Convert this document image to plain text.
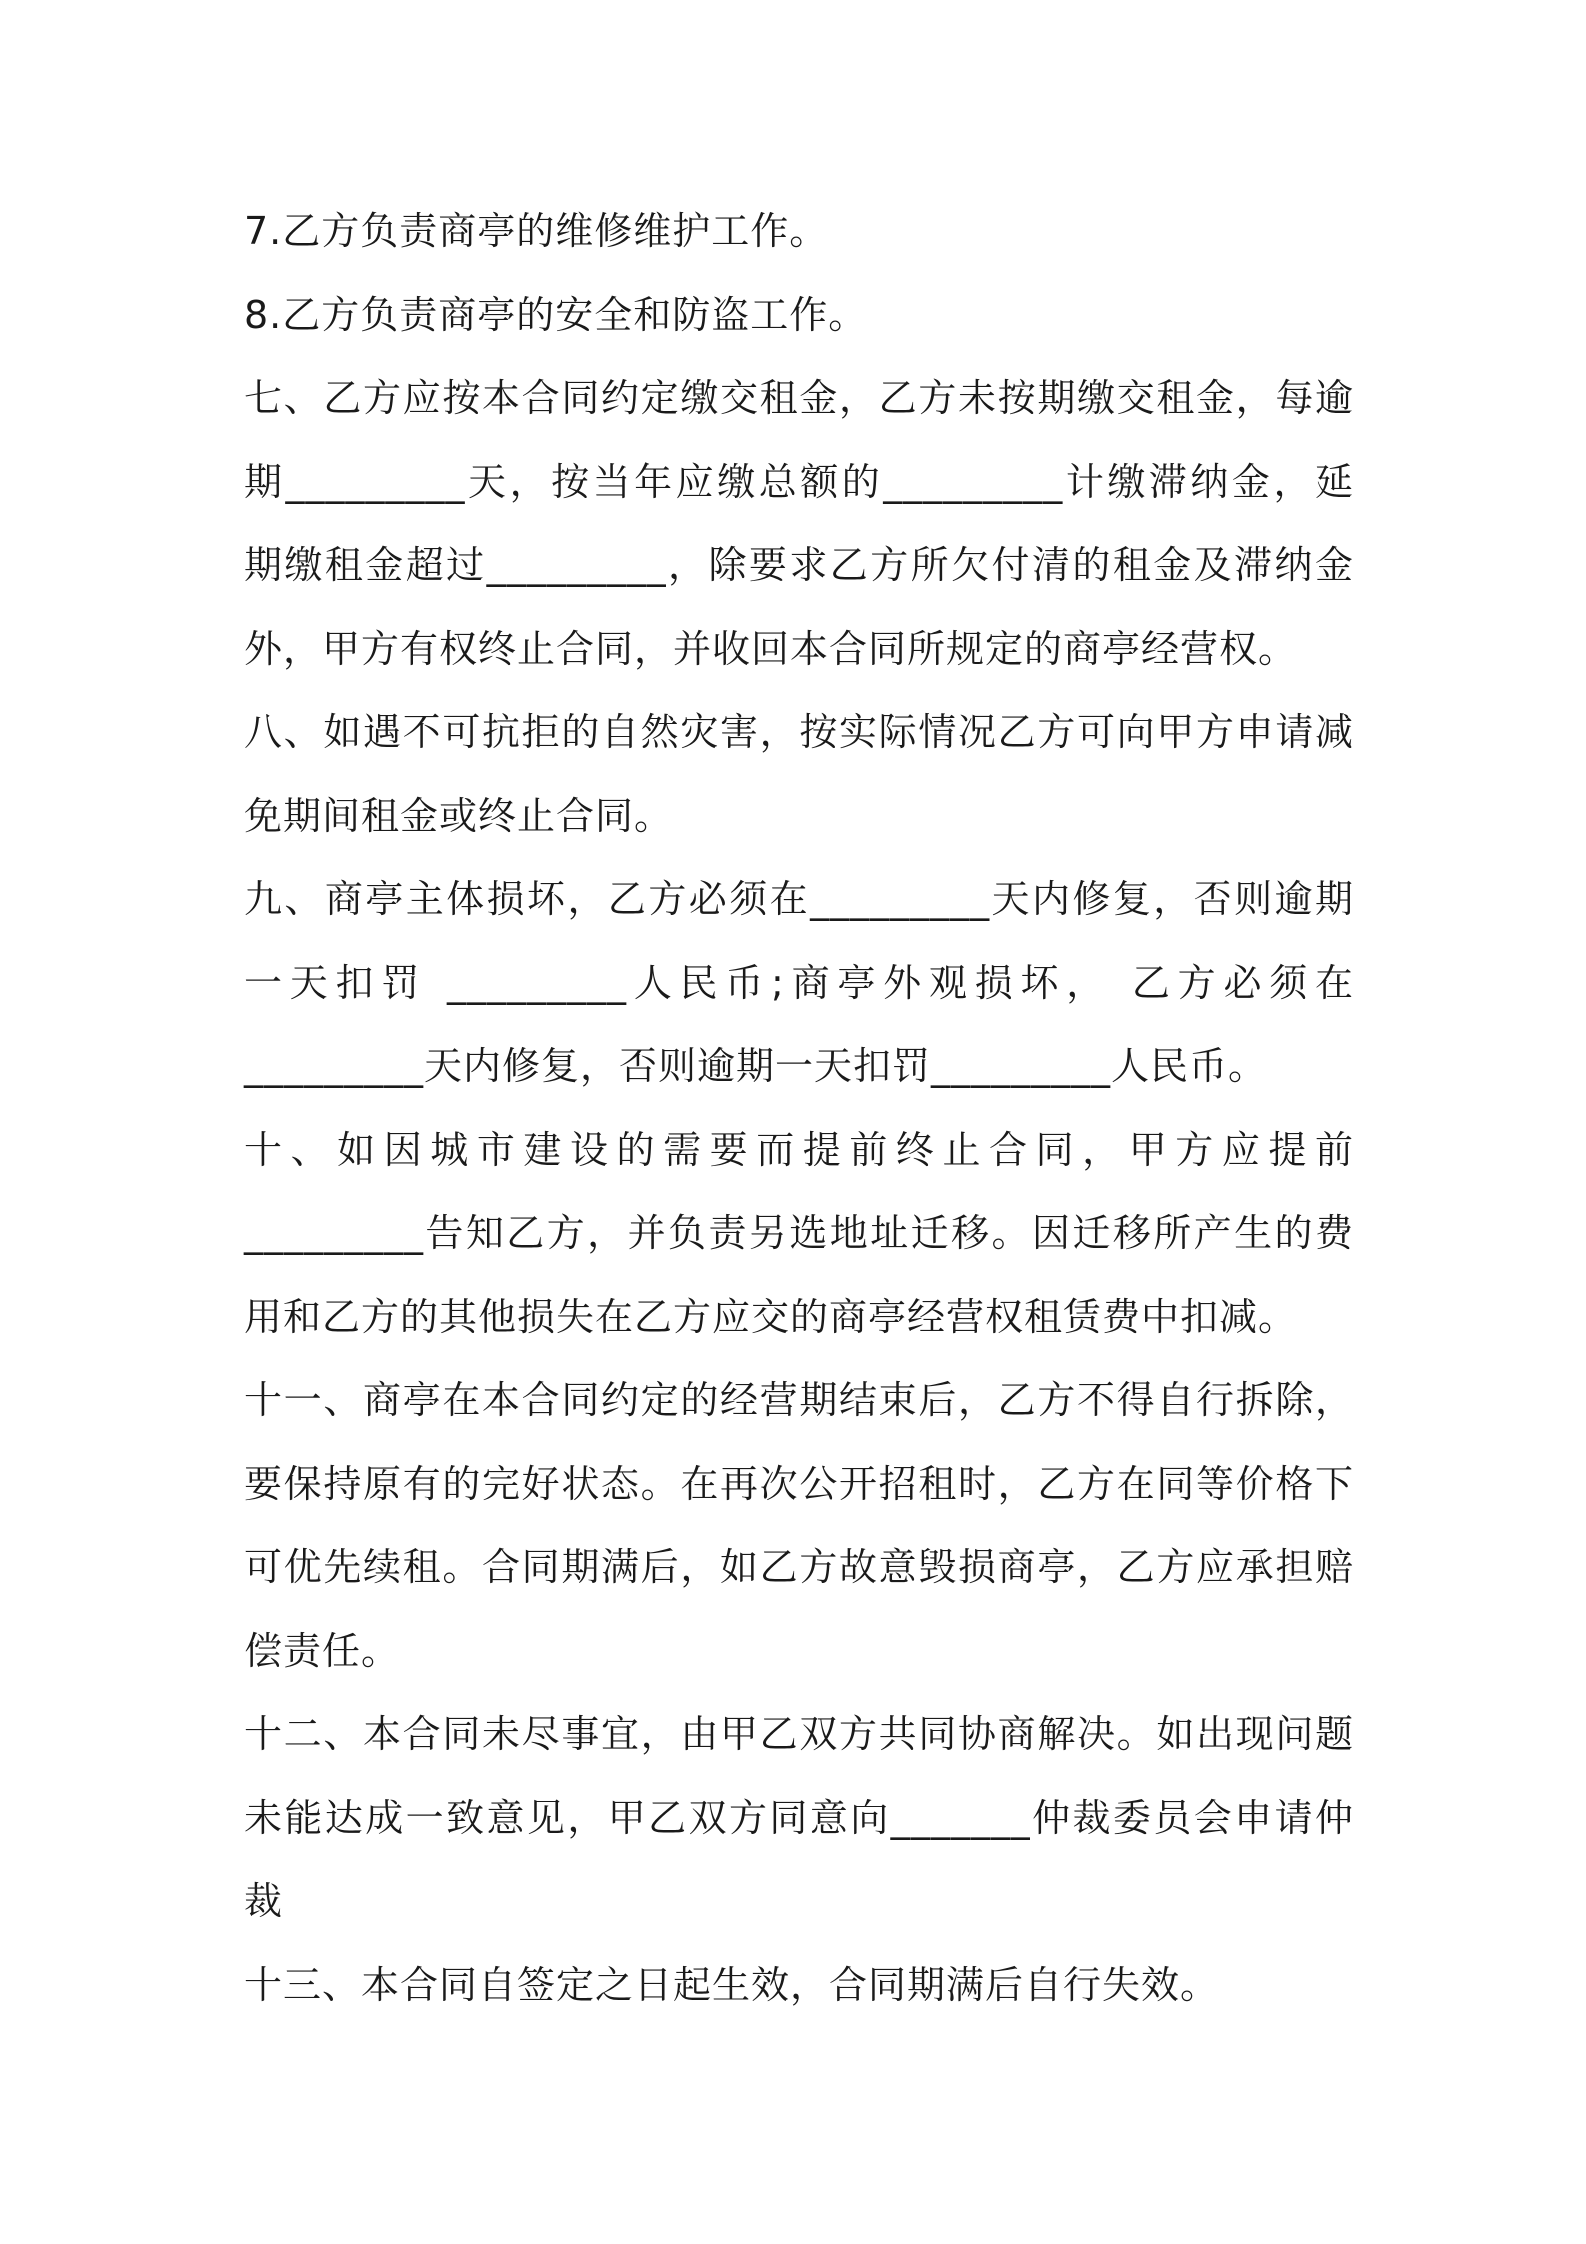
7.乙方负责商亭的维修维护工作。

8.乙方负责商亭的安全和防盗工作。

七、乙方应按本合同约定缴交租金，乙方未按期缴交租金，每逾
期_________天，按当年应缴总额的_________计缴滞纳金，延
期缴租金超过_________，除要求乙方所欠付清的租金及滞纳金
外，甲方有权终止合同，并收回本合同所规定的商亭经营权。

八、如遇不可抗拒的自然灾害，按实际情况乙方可向甲方申请减
免期间租金或终止合同。

九、商亭主体损坏，乙方必须在_________天内修复，否则逾期
一天扣罚 _________人民币;商亭外观损坏， 乙方必须在
_________天内修复，否则逾期一天扣罚_________人民币。

十、如因城市建设的需要而提前终止合同，甲方应提前
_________告知乙方，并负责另选地址迁移。因迁移所产生的费
用和乙方的其他损失在乙方应交的商亭经营权租赁费中扣减。

十一、商亭在本合同约定的经营期结束后，乙方不得自行拆除，
要保持原有的完好状态。在再次公开招租时，乙方在同等价格下
可优先续租。合同期满后，如乙方故意毁损商亭，乙方应承担赔
偿责任。

十二、本合同未尽事宜，由甲乙双方共同协商解决。如出现问题
未能达成一致意见，甲乙双方同意向_______仲裁委员会申请仲
裁

十三、本合同自签定之日起生效，合同期满后自行失效。
